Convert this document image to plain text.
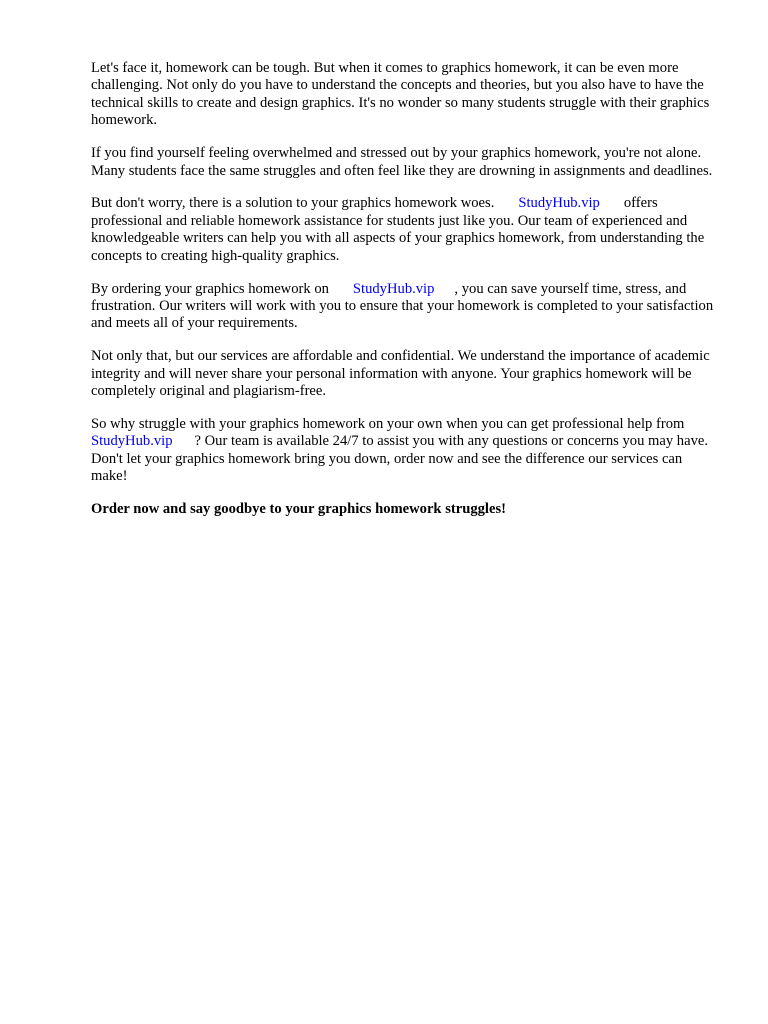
Let's face it, homework can be tough. But when it comes to graphics homework, it can be even more challenging. Not only do you have to understand the concepts and theories, but you also have to have the technical skills to create and design graphics. It's no wonder so many students struggle with their graphics homework.

If you find yourself feeling overwhelmed and stressed out by your graphics homework, you're not alone. Many students face the same struggles and often feel like they are drowning in assignments and deadlines.

But don't worry, there is a solution to your graphics homework woes. StudyHub.vip offers professional and reliable homework assistance for students just like you. Our team of experienced and knowledgeable writers can help you with all aspects of your graphics homework, from understanding the concepts to creating high-quality graphics.

By ordering your graphics homework on StudyHub.vip , you can save yourself time, stress, and frustration. Our writers will work with you to ensure that your homework is completed to your satisfaction and meets all of your requirements.

Not only that, but our services are affordable and confidential. We understand the importance of academic integrity and will never share your personal information with anyone. Your graphics homework will be completely original and plagiarism-free.

So why struggle with your graphics homework on your own when you can get professional help fromStudyHub.vip ? Our team is available 24/7 to assist you with any questions or concerns you may have. Don't let your graphics homework bring you down, order now and see the difference our services can make!

Order now and say goodbye to your graphics homework struggles!
